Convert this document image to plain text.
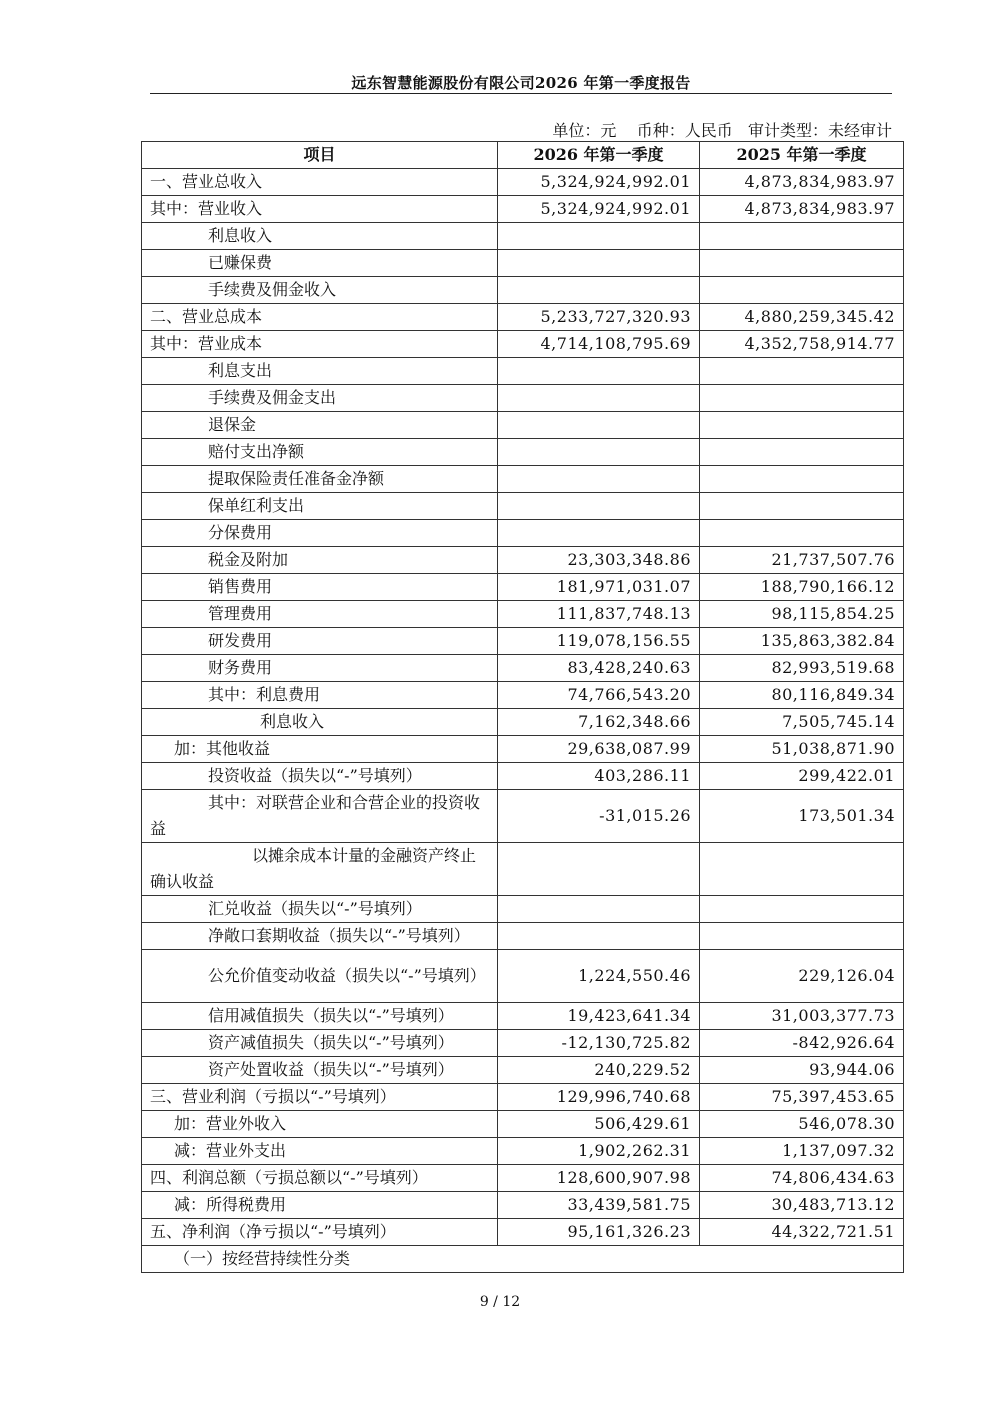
远东智慧能源股份有限公司2026 年第一季度报告
单位：元 币种：人民币 审计类型：未经审计
项目	2026 年第一季度	2025 年第一季度
一、营业总收入	5,324,924,992.01	4,873,834,983.97
其中：营业收入	5,324,924,992.01	4,873,834,983.97
利息收入		
已赚保费		
手续费及佣金收入		
二、营业总成本	5,233,727,320.93	4,880,259,345.42
其中：营业成本	4,714,108,795.69	4,352,758,914.77
利息支出		
手续费及佣金支出		
退保金		
赔付支出净额		
提取保险责任准备金净额		
保单红利支出		
分保费用		
税金及附加	23,303,348.86	21,737,507.76
销售费用	181,971,031.07	188,790,166.12
管理费用	111,837,748.13	98,115,854.25
研发费用	119,078,156.55	135,863,382.84
财务费用	83,428,240.63	82,993,519.68
其中：利息费用	74,766,543.20	80,116,849.34
利息收入	7,162,348.66	7,505,745.14
加：其他收益	29,638,087.99	51,038,871.90
投资收益（损失以“-”号填列）	403,286.11	299,422.01
其中：对联营企业和合营企业的投资收益	-31,015.26	173,501.34
以摊余成本计量的金融资产终止确认收益		
汇兑收益（损失以“-”号填列）		
净敞口套期收益（损失以“-”号填列）		
公允价值变动收益（损失以“-”号填列）	1,224,550.46	229,126.04
信用减值损失（损失以“-”号填列）	19,423,641.34	31,003,377.73
资产减值损失（损失以“-”号填列）	-12,130,725.82	-842,926.64
资产处置收益（损失以“-”号填列）	240,229.52	93,944.06
三、营业利润（亏损以“-”号填列）	129,996,740.68	75,397,453.65
加：营业外收入	506,429.61	546,078.30
减：营业外支出	1,902,262.31	1,137,097.32
四、利润总额（亏损总额以“-”号填列）	128,600,907.98	74,806,434.63
减：所得税费用	33,439,581.75	30,483,713.12
五、净利润（净亏损以“-”号填列）	95,161,326.23	44,322,721.51
（一）按经营持续性分类		
9 / 12
